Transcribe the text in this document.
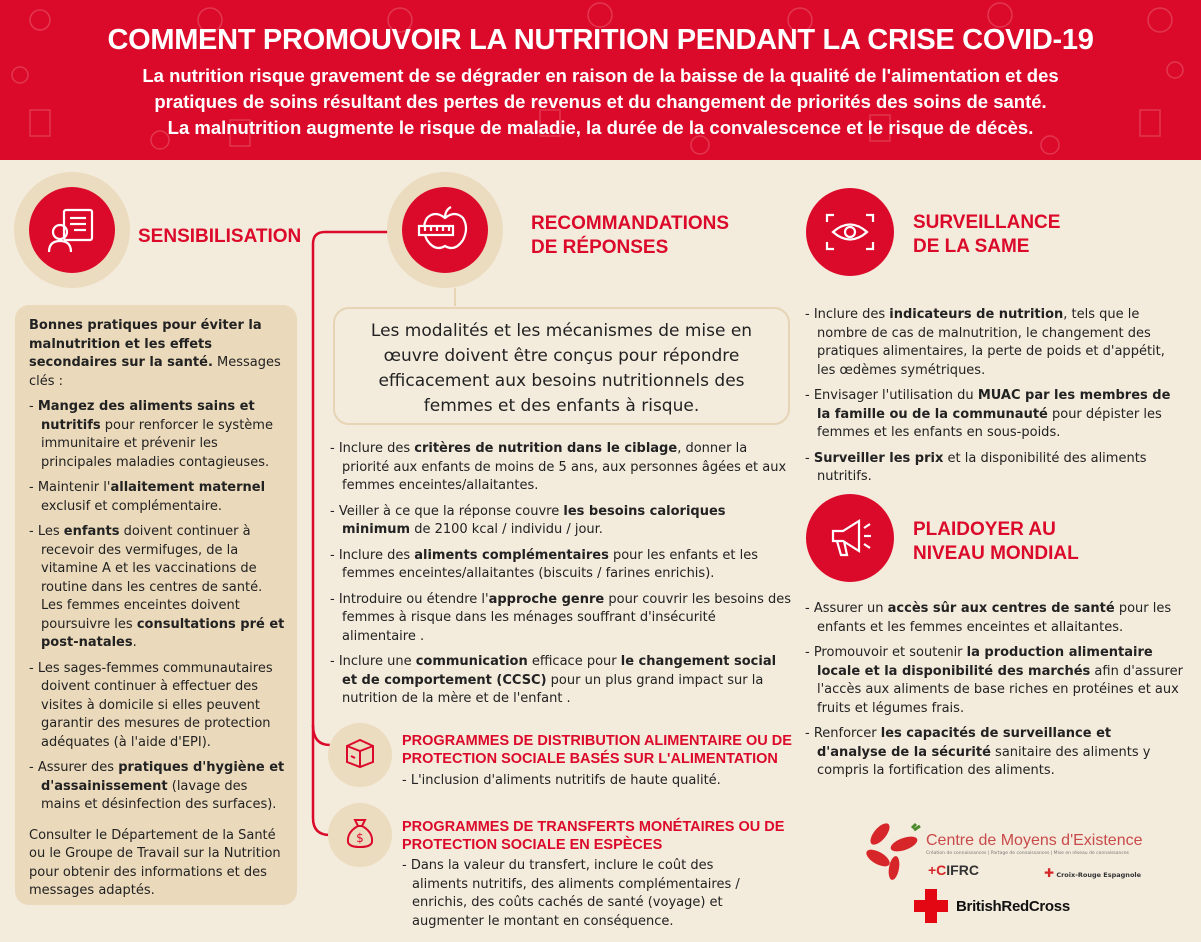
COMMENT PROMOUVOIR LA NUTRITION PENDANT LA CRISE COVID-19

La nutrition risque gravement de se dégrader en raison de la baisse de la qualité de l'alimentation et des
pratiques de soins résultant des pertes de revenus et du changement de priorités des soins de santé.
La malnutrition augmente le risque de maladie, la durée de la convalescence et le risque de décès.

SENSIBILISATION
Bonnes pratiques pour éviter la malnutrition et les effets secondaires sur la santé. Messages clés :
- Mangez des aliments sains et nutritifs pour renforcer le système immunitaire et prévenir les principales maladies contagieuses.
- Maintenir l'allaitement maternel exclusif et complémentaire.
- Les enfants doivent continuer à recevoir des vermifuges, de la vitamine A et les vaccinations de routine dans les centres de santé. Les femmes enceintes doivent poursuivre les consultations pré et post-natales.
- Les sages-femmes communautaires doivent continuer à effectuer des visites à domicile si elles peuvent garantir des mesures de protection adéquates (à l'aide d'EPI).
- Assurer des pratiques d'hygiène et d'assainissement (lavage des mains et désinfection des surfaces).
Consulter le Département de la Santé ou le Groupe de Travail sur la Nutrition pour obtenir des informations et des messages adaptés.
RECOMMANDATIONS
DE RÉPONSES
Les modalités et les mécanismes de mise en œuvre doivent être conçus pour répondre efficacement aux besoins nutritionnels des femmes et des enfants à risque.
- Inclure des critères de nutrition dans le ciblage, donner la priorité aux enfants de moins de 5 ans, aux personnes âgées et aux femmes enceintes/allaitantes.
- Veiller à ce que la réponse couvre les besoins caloriques minimum de 2100 kcal / individu / jour.
- Inclure des aliments complémentaires pour les enfants et les femmes enceintes/allaitantes (biscuits / farines enrichis).
- Introduire ou étendre l'approche genre pour couvrir les besoins des femmes à risque dans les ménages souffrant d'insécurité alimentaire .
- Inclure une communication efficace pour le changement social et de comportement (CCSC) pour un plus grand impact sur la nutrition de la mère et de l'enfant .
PROGRAMMES DE DISTRIBUTION ALIMENTAIRE OU DE
PROTECTION SOCIALE BASÉS SUR L'ALIMENTATION
- L'inclusion d'aliments nutritifs de haute qualité.
$
PROGRAMMES DE TRANSFERTS MONÉTAIRES OU DE
PROTECTION SOCIALE EN ESPÈCES
- Dans la valeur du transfert, inclure le coût des aliments nutritifs, des aliments complémentaires / enrichis, des coûts cachés de santé (voyage) et augmenter le montant en conséquence.
SURVEILLANCE
DE LA SAME
- Inclure des indicateurs de nutrition, tels que le nombre de cas de malnutrition, le changement des pratiques alimentaires, la perte de poids et d'appétit, les œdèmes symétriques.
- Envisager l'utilisation du MUAC par les membres de la famille ou de la communauté pour dépister les femmes et les enfants en sous-poids.
- Surveiller les prix et la disponibilité des aliments nutritifs.
PLAIDOYER AU
NIVEAU MONDIAL
- Assurer un accès sûr aux centres de santé pour les enfants et les femmes enceintes et allaitantes.
- Promouvoir et soutenir la production alimentaire locale et la disponibilité des marchés afin d'assurer l'accès aux aliments de base riches en protéines et aux fruits et légumes frais.
- Renforcer les capacités de surveillance et d'analyse de la sécurité sanitaire des aliments y compris la fortification des aliments.
Centre de Moyens d'Existence
Création de connaissances | Partage de connaissances | Mise en réseau de connaissances
+CIFRC	✚ Croix-Rouge Espagnole
BritishRedCross
